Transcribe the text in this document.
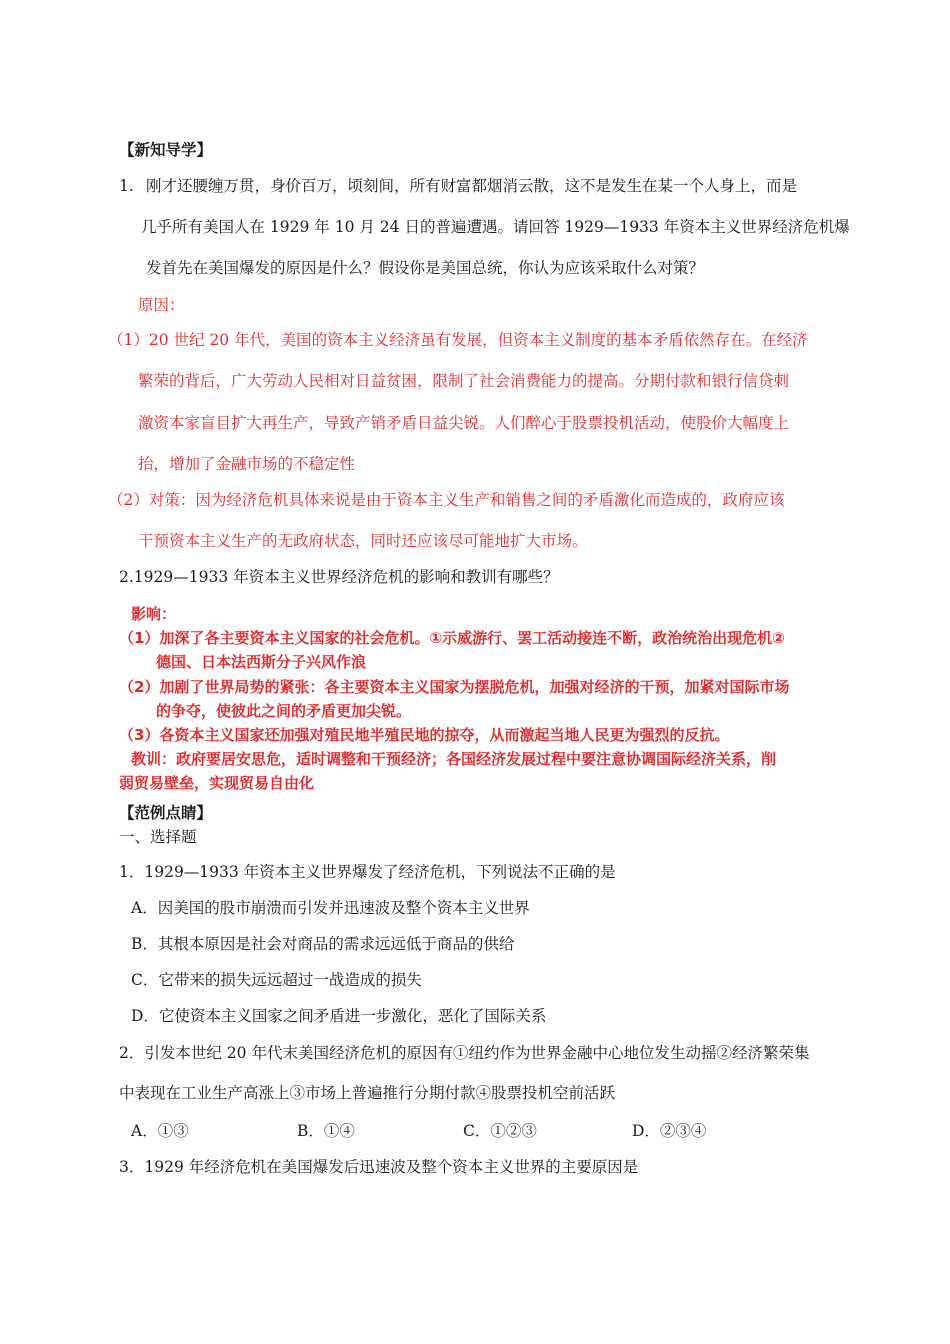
【新知导学】
1. 刚才还腰缠万贯，身价百万，顷刻间，所有财富都烟消云散，这不是发生在某一个人身上，而是
几乎所有美国人在 1929 年 10 月 24 日的普遍遭遇。请回答 1929—1933 年资本主义世界经济危机爆
发首先在美国爆发的原因是什么？假设你是美国总统，你认为应该采取什么对策？
原因：
（1）20 世纪 20 年代，美国的资本主义经济虽有发展，但资本主义制度的基本矛盾依然存在。在经济
繁荣的背后，广大劳动人民相对日益贫困，限制了社会消费能力的提高。分期付款和银行信贷刺
激资本家盲目扩大再生产，导致产销矛盾日益尖锐。人们醉心于股票投机活动，使股价大幅度上
抬，增加了金融市场的不稳定性
（2）对策：因为经济危机具体来说是由于资本主义生产和销售之间的矛盾激化而造成的，政府应该
干预资本主义生产的无政府状态，同时还应该尽可能地扩大市场。
2.1929—1933 年资本主义世界经济危机的影响和教训有哪些？
影响：
（1）加深了各主要资本主义国家的社会危机。①示威游行、罢工活动接连不断，政治统治出现危机②
德国、日本法西斯分子兴风作浪
（2）加剧了世界局势的紧张：各主要资本主义国家为摆脱危机，加强对经济的干预，加紧对国际市场
的争夺，使彼此之间的矛盾更加尖锐。
（3）各资本主义国家还加强对殖民地半殖民地的掠夺，从而激起当地人民更为强烈的反抗。
教训：政府要居安思危，适时调整和干预经济；各国经济发展过程中要注意协调国际经济关系，削
弱贸易壁垒，实现贸易自由化
【范例点睛】
一、选择题
1．1929—1933 年资本主义世界爆发了经济危机，下列说法不正确的是
A．因美国的股市崩溃而引发并迅速波及整个资本主义世界
B．其根本原因是社会对商品的需求远远低于商品的供给
C．它带来的损失远远超过一战造成的损失
D．它使资本主义国家之间矛盾进一步激化，恶化了国际关系
2．引发本世纪 20 年代末美国经济危机的原因有①纽约作为世界金融中心地位发生动摇②经济繁荣集
中表现在工业生产高涨上③市场上普遍推行分期付款④股票投机空前活跃
A．①③	B．①④	C．①②③	D．②③④
3．1929 年经济危机在美国爆发后迅速波及整个资本主义世界的主要原因是
